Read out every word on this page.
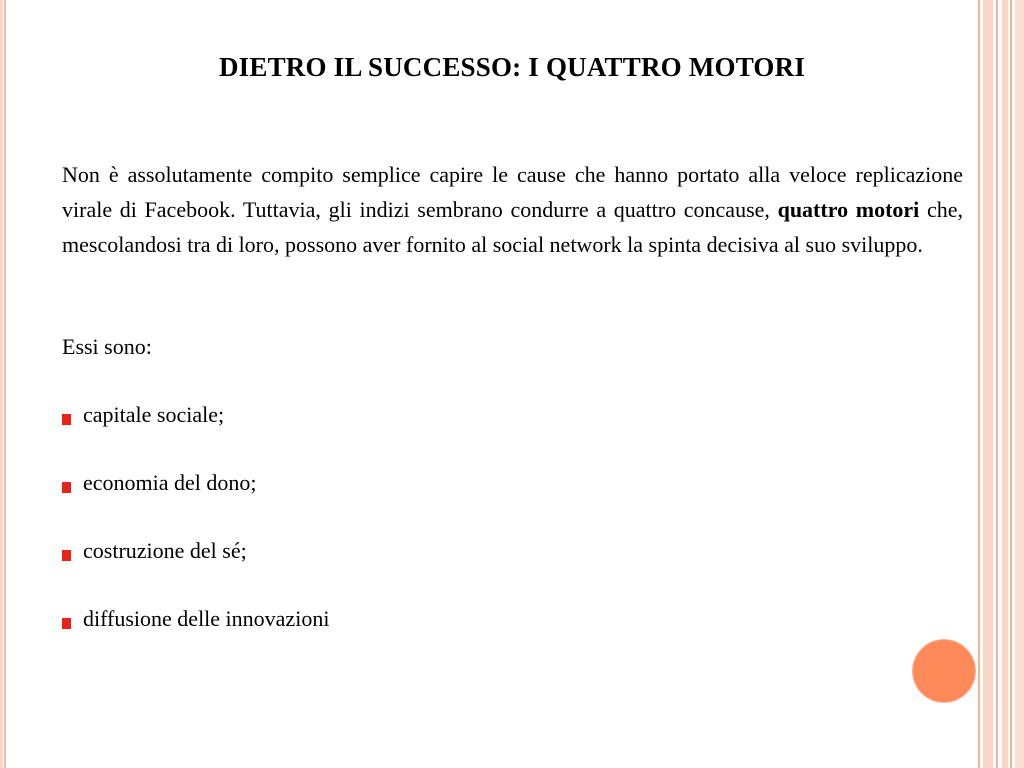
DIETRO IL SUCCESSO: I QUATTRO MOTORI

Non è assolutamente compito semplice capire le cause che hanno portato alla veloce replicazione virale di Facebook. Tuttavia, gli indizi sembrano condurre a quattro concause, quattro motori che, mescolandosi tra di loro, possono aver fornito al social network la spinta decisiva al suo sviluppo.

Essi sono:

capitale sociale;
economia del dono;
costruzione del sé;
diffusione delle innovazioni
